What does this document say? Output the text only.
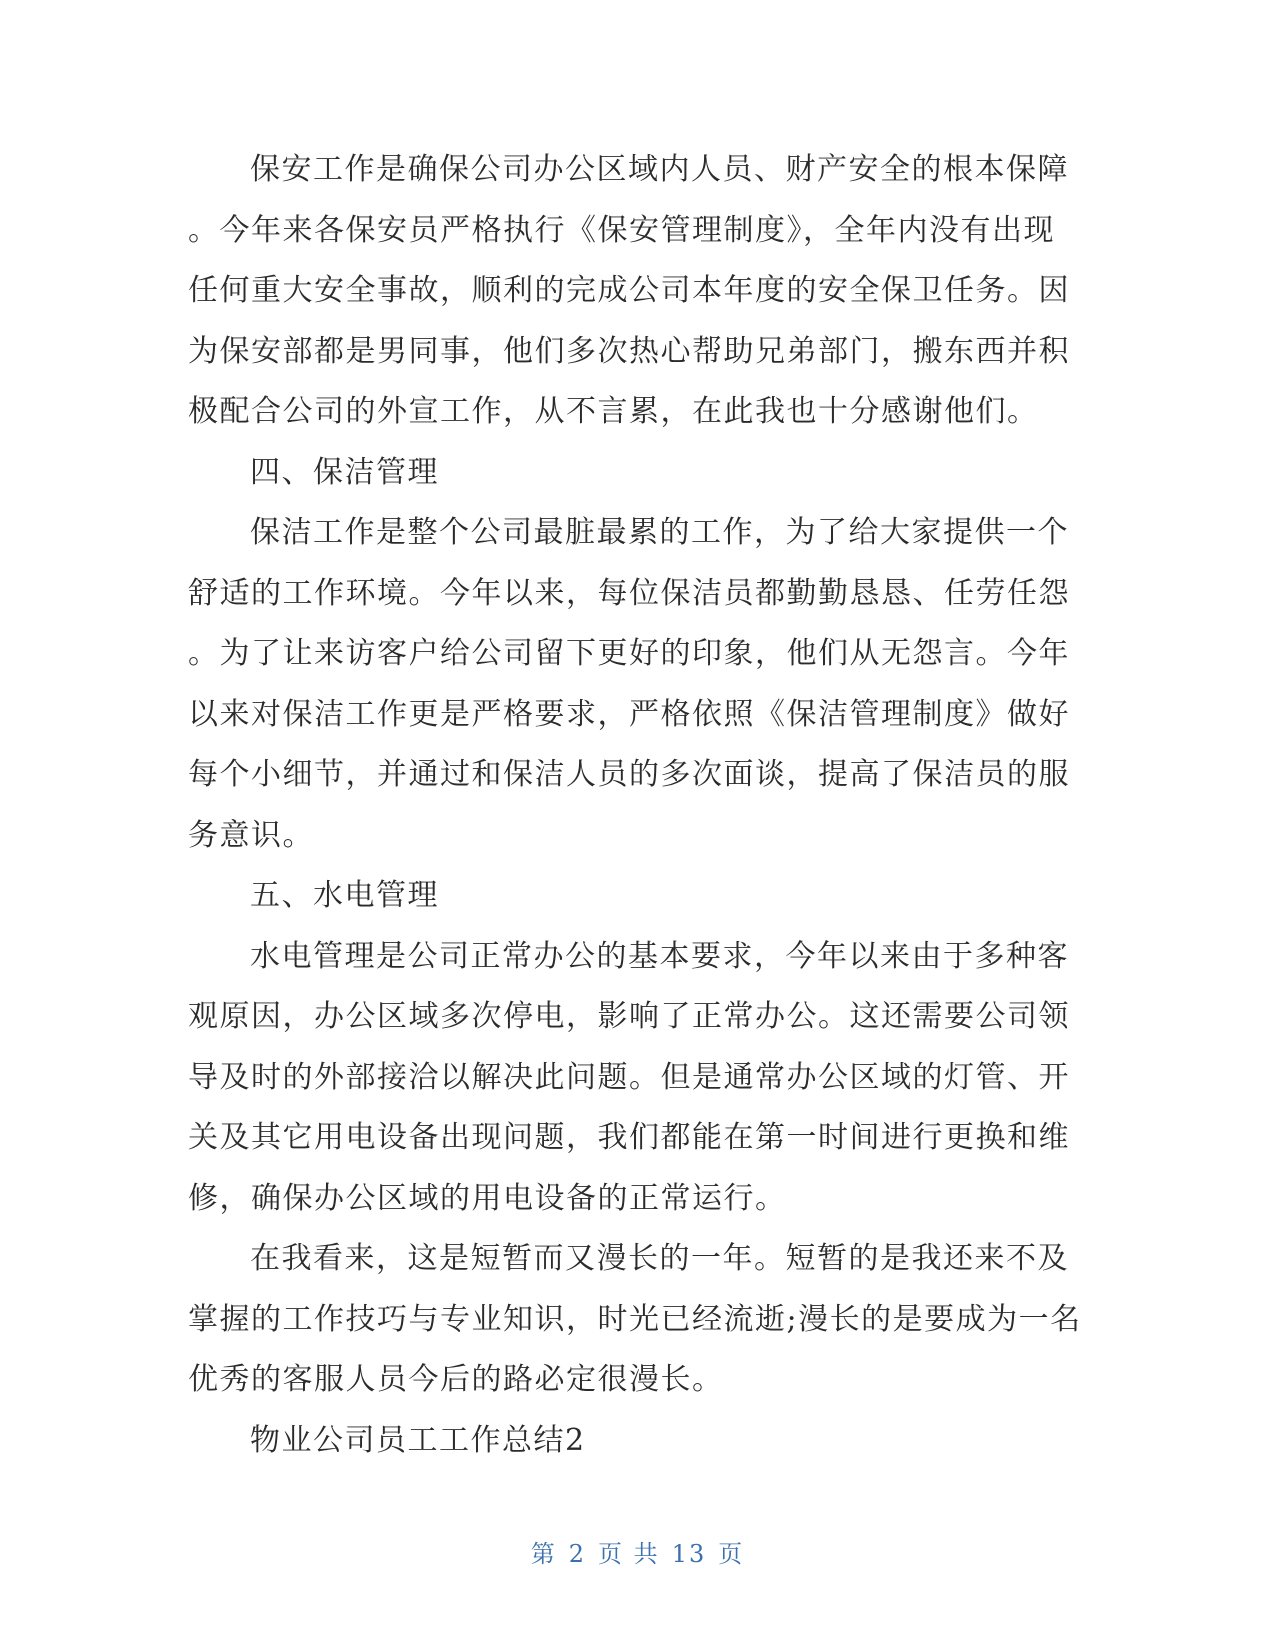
保安工作是确保公司办公区域内人员、财产安全的根本保障
。今年来各保安员严格执行《保安管理制度》，全年内没有出现
任何重大安全事故，顺利的完成公司本年度的安全保卫任务。因
为保安部都是男同事，他们多次热心帮助兄弟部门，搬东西并积
极配合公司的外宣工作，从不言累，在此我也十分感谢他们。
四、保洁管理
保洁工作是整个公司最脏最累的工作，为了给大家提供一个
舒适的工作环境。今年以来，每位保洁员都勤勤恳恳、任劳任怨
。为了让来访客户给公司留下更好的印象，他们从无怨言。今年
以来对保洁工作更是严格要求，严格依照《保洁管理制度》做好
每个小细节，并通过和保洁人员的多次面谈，提高了保洁员的服
务意识。
五、水电管理
水电管理是公司正常办公的基本要求，今年以来由于多种客
观原因，办公区域多次停电，影响了正常办公。这还需要公司领
导及时的外部接洽以解决此问题。但是通常办公区域的灯管、开
关及其它用电设备出现问题，我们都能在第一时间进行更换和维
修，确保办公区域的用电设备的正常运行。
在我看来，这是短暂而又漫长的一年。短暂的是我还来不及
掌握的工作技巧与专业知识，时光已经流逝;漫长的是要成为一名
优秀的客服人员今后的路必定很漫长。
物业公司员工工作总结2
第 2 页 共 13 页
